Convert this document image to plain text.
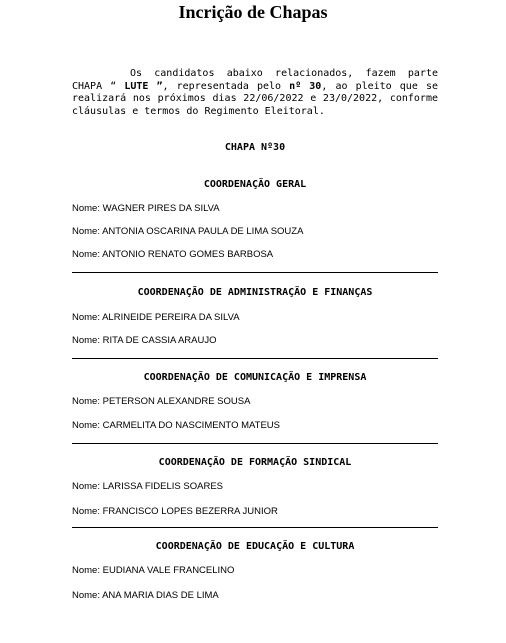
Incrição de Chapas
Os candidatos abaixo relacionados, fazem parte CHAPA “ LUTE ”, representada pelo nº 30, ao pleito que se realizará nos próximos dias 22/06/2022 e 23/0/2022, conforme cláusulas e termos do Regimento Eleitoral.
CHAPA Nº30
COORDENAÇÃO GERAL
Nome: WAGNER PIRES DA SILVA
Nome: ANTONIA OSCARINA PAULA DE LIMA SOUZA
Nome: ANTONIO RENATO GOMES BARBOSA
COORDENAÇÃO DE ADMINISTRAÇÃO E FINANÇAS
Nome: ALRINEIDE PEREIRA DA SILVA
Nome: RITA DE CASSIA ARAUJO
COORDENAÇÃO DE COMUNICAÇÃO E IMPRENSA
Nome: PETERSON ALEXANDRE SOUSA
Nome: CARMELITA DO NASCIMENTO MATEUS
COORDENAÇÃO DE FORMAÇÃO SINDICAL
Nome: LARISSA FIDELIS SOARES
Nome: FRANCISCO LOPES BEZERRA JUNIOR
COORDENAÇÃO DE EDUCAÇÃO E CULTURA
Nome: EUDIANA VALE FRANCELINO
Nome: ANA MARIA DIAS DE LIMA
